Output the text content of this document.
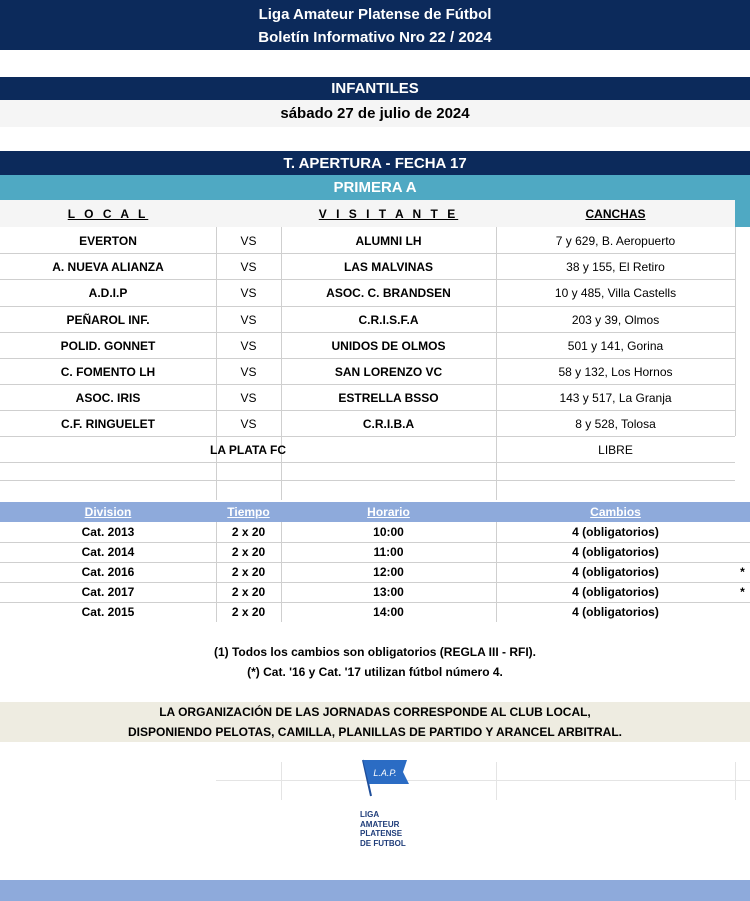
Liga Amateur Platense de Fútbol
Boletín Informativo Nro 22 / 2024
INFANTILES
sábado 27 de julio de 2024
T. APERTURA - FECHA 17
PRIMERA A
L O C A L	V I S I T A N T E	CANCHAS
EVERTON	VS	ALUMNI LH	7 y 629, B. Aeropuerto
A. NUEVA ALIANZA	VS	LAS MALVINAS	38 y 155, El Retiro
A.D.I.P	VS	ASOC. C. BRANDSEN	10 y 485, Villa Castells
PEÑAROL INF.	VS	C.R.I.S.F.A	203 y 39, Olmos
POLID. GONNET	VS	UNIDOS DE OLMOS	501 y 141, Gorina
C. FOMENTO LH	VS	SAN LORENZO VC	58 y 132, Los Hornos
ASOC. IRIS	VS	ESTRELLA BSSO	143 y 517, La Granja
C.F. RINGUELET	VS	C.R.I.B.A	8 y 528, Tolosa
LA PLATA FC	LIBRE
Division	Tiempo	Horario	Cambios
Cat. 2013	2 x 20	10:00	4 (obligatorios)
Cat. 2014	2 x 20	11:00	4 (obligatorios)
Cat. 2016	2 x 20	12:00	4 (obligatorios)	*
Cat. 2017	2 x 20	13:00	4 (obligatorios)	*
Cat. 2015	2 x 20	14:00	4 (obligatorios)
(1) Todos los cambios son obligatorios (REGLA III - RFI).
(*) Cat. '16 y Cat. '17 utilizan fútbol número 4.
LA ORGANIZACIÓN DE LAS JORNADAS CORRESPONDE AL CLUB LOCAL,
DISPONIENDO PELOTAS, CAMILLA, PLANILLAS DE PARTIDO Y ARANCEL ARBITRAL.
L.A.P.
LIGA
AMATEUR
PLATENSE
DE FUTBOL
